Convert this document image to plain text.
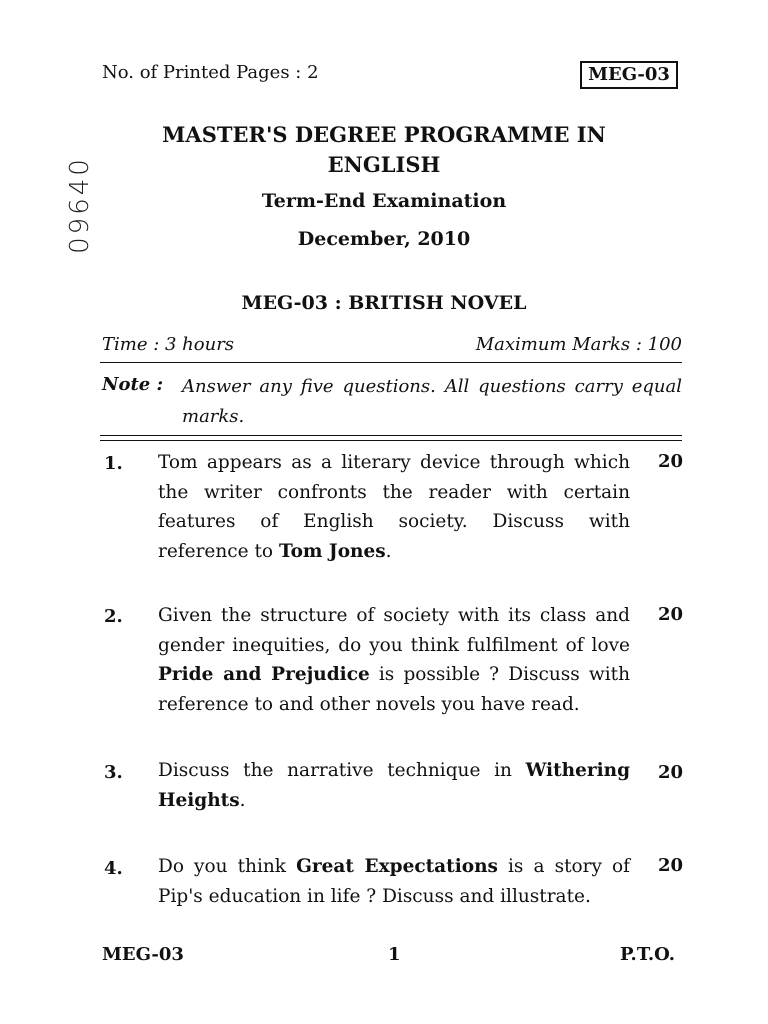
No. of Printed Pages : 2	MEG-03
09640
MASTER'S DEGREE PROGRAMME IN
ENGLISH
Term-End Examination
December, 2010
MEG-03 : BRITISH NOVEL
Time : 3 hours	Maximum Marks : 100
Note : Answer any five questions. All questions carry equal marks.
1. Tom appears as a literary device through which the writer confronts the reader with certain features of English society. Discuss with reference to Tom Jones.
20
2. Given the structure of society with its class and gender inequities, do you think fulfilment of love Pride and Prejudice is possible ? Discuss with reference to and other novels you have read.
20
3. Discuss the narrative technique in Withering Heights.
20
4. Do you think Great Expectations is a story of Pip's education in life ? Discuss and illustrate.
20
MEG-03	1	P.T.O.
